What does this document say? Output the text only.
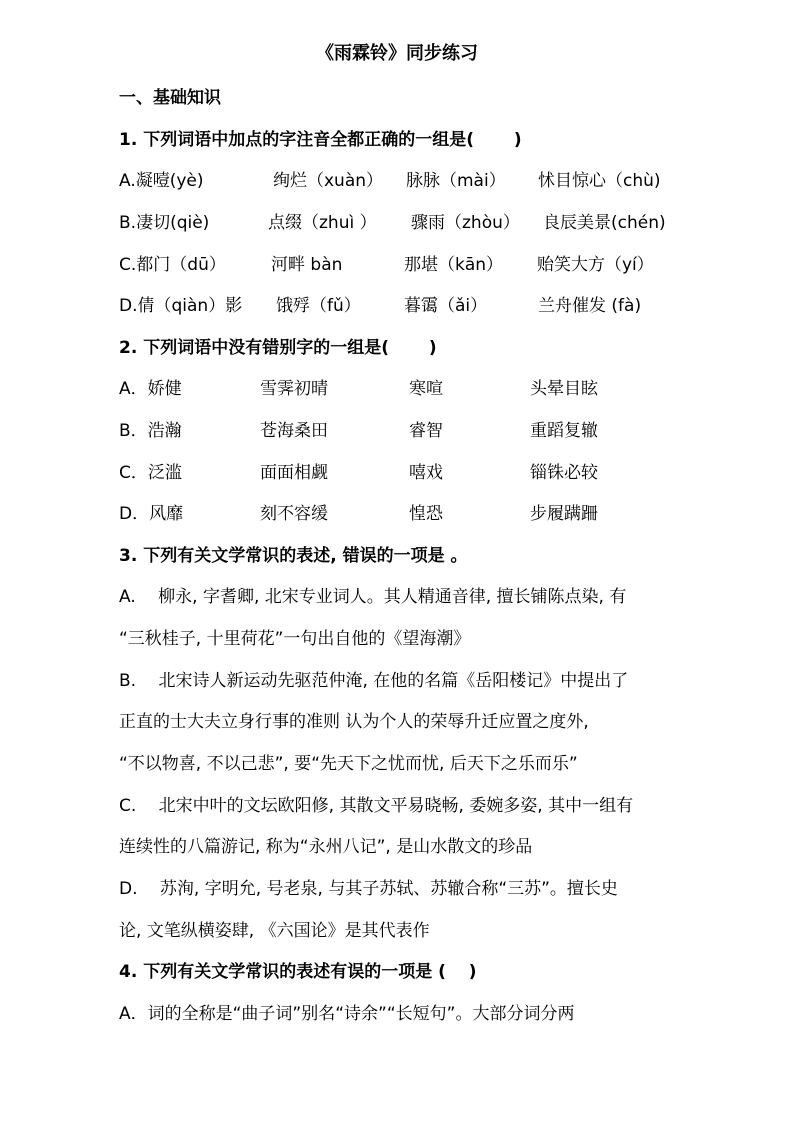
《雨霖铃》同步练习
一、基础知识
1. 下列词语中加点的字注音全都正确的一组是(　　 )
A.凝噎(yè)	绚烂（xuàn） 脉脉（mài） 怵目惊心（chù)
B.凄切(qiè)	点缀（zhuì ） 骤雨（zhòu） 良辰美景(chén)
C.都门（dū）	河畔 bàn	那堪（kān） 贻笑大方（yí）
D.倩（qiàn）影 饿殍（fǔ）	暮霭（ǎi）	兰舟催发 (fà)
2. 下列词语中没有错别字的一组是(　　 )
A．娇健	雪霁初晴	寒喧	头晕目眩
B．浩瀚	苍海桑田	睿智	重蹈复辙
C．泛滥	面面相觑	嘻戏	锱铢必较
D．风靡	刻不容缓	惶恐	步履蹒跚
3. 下列有关文学常识的表述, 错误的一项是 。
A.　 柳永, 字耆卿, 北宋专业词人。其人精通音律, 擅长铺陈点染, 有
“三秋桂子, 十里荷花”一句出自他的《望海潮》
B.　 北宋诗人新运动先驱范仲淹, 在他的名篇《岳阳楼记》中提出了
正直的士大夫立身行事的准则 认为个人的荣辱升迁应置之度外,
“不以物喜, 不以己悲”, 要“先天下之忧而忧, 后天下之乐而乐”
C.　 北宋中叶的文坛欧阳修, 其散文平易晓畅, 委婉多姿, 其中一组有
连续性的八篇游记, 称为“永州八记”, 是山水散文的珍品
D.　 苏洵, 字明允, 号老泉, 与其子苏轼、苏辙合称“三苏”。擅长史
论, 文笔纵横姿肆, 《六国论》是其代表作
4. 下列有关文学常识的表述有误的一项是 ( 　)
A．词的全称是“曲子词”别名“诗余”“长短句”。大部分词分两
